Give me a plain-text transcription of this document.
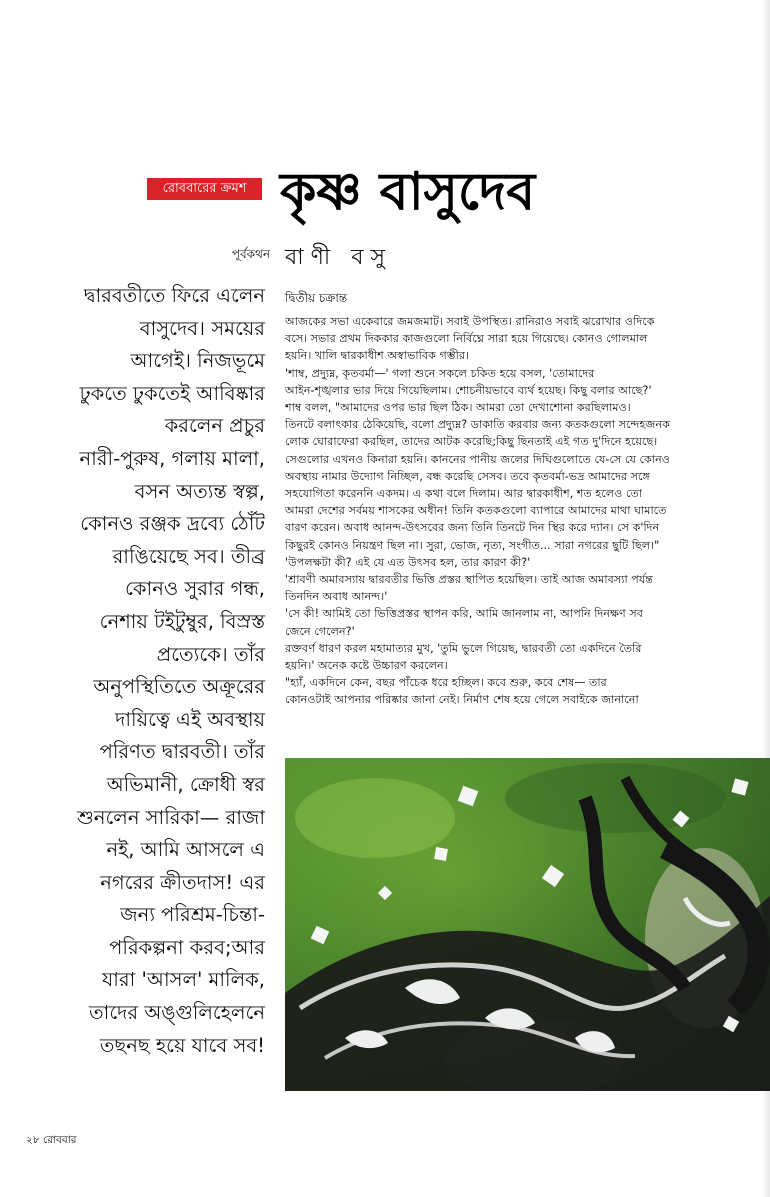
রোববারের ক্রমশ কৃষ্ণ বাসুদেব
পূর্বকথন বাণী বসু
দ্বারবতীতে ফিরে এলেন
বাসুদেব। সময়ের
আগেই। নিজভূমে
ঢুকতে ঢুকতেই আবিষ্কার
করলেন প্রচুর
নারী-পুরুষ, গলায় মালা,
বসন অত্যন্ত স্বল্প,
কোনও রঞ্জক দ্রব্যে ঠোঁট
রাঙিয়েছে সব। তীব্র
কোনও সুরার গন্ধ,
নেশায় টইটুম্বুর, বিস্রস্ত
প্রত্যেকে। তাঁর
অনুপস্থিতিতে অক্রূরের
দায়িত্বে এই অবস্থায়
পরিণত দ্বারবতী। তাঁর
অভিমানী, ক্রোধী স্বর
শুনলেন সারিকা— রাজা
নই, আমি আসলে এ
নগরের ক্রীতদাস! এর
জন্য পরিশ্রম-চিন্তা-
পরিকল্পনা করব;আর
যারা 'আসল' মালিক,
তাদের অঙ্গুলিহেলনে
তছনছ হয়ে যাবে সব!
দ্বিতীয় চক্রান্ত
আজকের সভা একেবারে জমজমাট। সবাই উপস্থিত। রানিরাও সবাই ঝরোখার ওদিকে
বসে। সভার প্রথম দিককার কাজগুলো নির্বিঘ্নে সারা হয়ে গিয়েছে। কোনও গোলমাল
হয়নি। খালি দ্বারকাধীশ অস্বাভাবিক গম্ভীর।
'শাম্ব, প্রদ্যুম্ন, কৃতবর্মা—' গলা শুনে সকলে চকিত হয়ে বসল, 'তোমাদের
আইন-শৃঙ্খলার ভার দিয়ে গিয়েছিলাম। শোচনীয়ভাবে ব্যর্থ হয়েছ। কিছু বলার আছে?'
শাম্ব বলল, "আমাদের ওপর ভার ছিল ঠিক। আমরা তো দেখাশোনা করছিলামও।
তিনটে বলাৎকার ঠেকিয়েছি, বলো প্রদ্যুম্ন? ডাকাতি করবার জন্য কতকগুলো সন্দেহজনক
লোক ঘোরাফেরা করছিল, তাদের আটক করেছি;কিছু ছিনতাই এই গত দু'দিনে হয়েছে।
সেগুলোর এখনও কিনারা হয়নি। কাননের পানীয় জলের দিঘিগুলোতে যে-সে যে কোনও
অবস্থায় নামার উদ্যোগ নিচ্ছিল, বন্ধ করেছি সেসব। তবে কৃতবর্মা-ভদ্র আমাদের সঙ্গে
সহযোগিতা করেননি একদম। এ কথা বলে দিলাম। আর দ্বারকাধীশ, শত হলেও তো
আমরা দেশের সর্বময় শাসকের অধীন! তিনি কতকগুলো ব্যাপারে আমাদের মাথা ঘামাতে
বারণ করেন। অবাধ আনন্দ-উৎসবের জন্য তিনি তিনটে দিন স্থির করে দ্যান। সে ক'দিন
কিছুরই কোনও নিয়ন্ত্রণ ছিল না। সুরা, ভোজ, নৃত্য, সংগীত... সারা নগরের ছুটি ছিল।"
'উপলক্ষটা কী? এই যে এত উৎসব হল, তার কারণ কী?'
'শ্রাবণী অমাবস্যায় দ্বারবতীর ভিত্তি প্রস্তর স্থাপিত হয়েছিল। তাই আজ অমাবস্যা পর্যন্ত
তিনদিন অবাধ আনন্দ।'
'সে কী! আমিই তো ভিত্তিপ্রস্তর স্থাপন করি, আমি জানলাম না, আপনি দিনক্ষণ সব
জেনে গেলেন?'
রক্তবর্ণ ধারণ করল মহামাত্যর মুখ, 'তুমি ভুলে গিয়েছ, দ্বারবতী তো একদিনে তৈরি
হয়নি।' অনেক কষ্টে উচ্চারণ করলেন।
"হ্যাঁ, একদিনে কেন, বছর পাঁচেক ধরে হচ্ছিল। কবে শুরু, কবে শেষ— তার
কোনওটাই আপনার পরিষ্কার জানা নেই। নির্মাণ শেষ হয়ে গেলে সবাইকে জানানো
২৮ রোববার
